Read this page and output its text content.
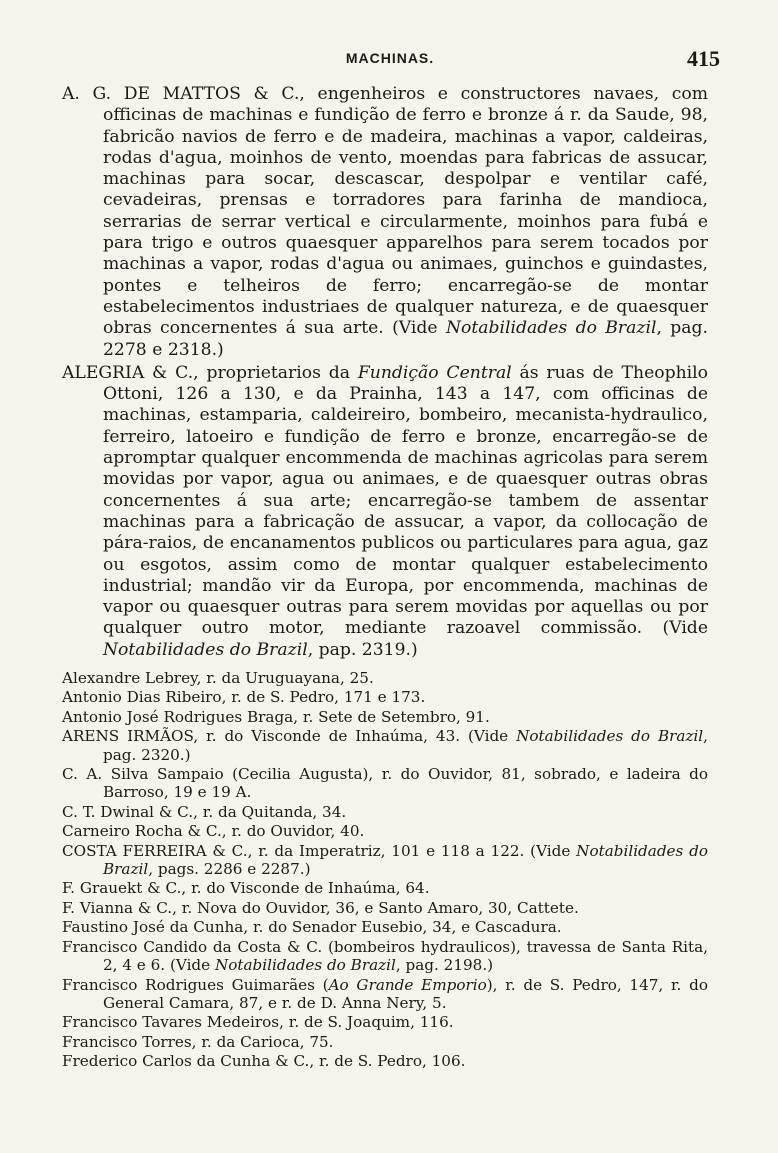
MACHINAS.	415

A. G. DE MATTOS & C., engenheiros e constructores navaes, com officinas de machinas e fundição de ferro e bronze á r. da Saude, 98, fabricão navios de ferro e de madeira, machinas a vapor, caldeiras, rodas d'agua, moinhos de vento, moendas para fabricas de assucar, machinas para socar, descascar, despolpar e ventilar café, cevadeiras, prensas e torradores para farinha de mandioca, serrarias de serrar vertical e circularmente, moinhos para fubá e para trigo e outros quaesquer apparelhos para serem tocados por machinas a vapor, rodas d'agua ou animaes, guinchos e guindastes, pontes e telheiros de ferro; encarregão-se de montar estabelecimentos industriaes de qualquer natureza, e de quaesquer obras concernentes á sua arte. (Vide Notabilidades do Brazil, pag. 2278 e 2318.)

ALEGRIA & C., proprietarios da Fundição Central ás ruas de Theophilo Ottoni, 126 a 130, e da Prainha, 143 a 147, com officinas de machinas, estamparia, caldeireiro, bombeiro, mecanista-hydraulico, ferreiro, latoeiro e fundição de ferro e bronze, encarregão-se de apromptar qualquer encommenda de machinas agricolas para serem movidas por vapor, agua ou animaes, e de quaesquer outras obras concernentes á sua arte; encarregão-se tambem de assentar machinas para a fabricação de assucar, a vapor, da collocação de pára-raios, de encanamentos publicos ou particulares para agua, gaz ou esgotos, assim como de montar qualquer estabelecimento industrial; mandão vir da Europa, por encommenda, machinas de vapor ou quaesquer outras para serem movidas por aquellas ou por qualquer outro motor, mediante razoavel commissão. (Vide Notabilidades do Brazil, pap. 2319.)

Alexandre Lebrey, r. da Uruguayana, 25.

Antonio Dias Ribeiro, r. de S. Pedro, 171 e 173.

Antonio José Rodrigues Braga, r. Sete de Setembro, 91.

ARENS IRMÃOS, r. do Visconde de Inhaúma, 43. (Vide Notabilidades do Brazil, pag. 2320.)

C. A. Silva Sampaio (Cecilia Augusta), r. do Ouvidor, 81, sobrado, e ladeira do Barroso, 19 e 19 A.

C. T. Dwinal & C., r. da Quitanda, 34.

Carneiro Rocha & C., r. do Ouvidor, 40.

COSTA FERREIRA & C., r. da Imperatriz, 101 e 118 a 122. (Vide Notabilidades do Brazil, pags. 2286 e 2287.)

F. Grauekt & C., r. do Visconde de Inhaúma, 64.

F. Vianna & C., r. Nova do Ouvidor, 36, e Santo Amaro, 30, Cattete.

Faustino José da Cunha, r. do Senador Eusebio, 34, e Cascadura.

Francisco Candido da Costa & C. (bombeiros hydraulicos), travessa de Santa Rita, 2, 4 e 6. (Vide Notabilidades do Brazil, pag. 2198.)

Francisco Rodrigues Guimarães (Ao Grande Emporio), r. de S. Pedro, 147, r. do General Camara, 87, e r. de D. Anna Nery, 5.

Francisco Tavares Medeiros, r. de S. Joaquim, 116.

Francisco Torres, r. da Carioca, 75.

Frederico Carlos da Cunha & C., r. de S. Pedro, 106.
